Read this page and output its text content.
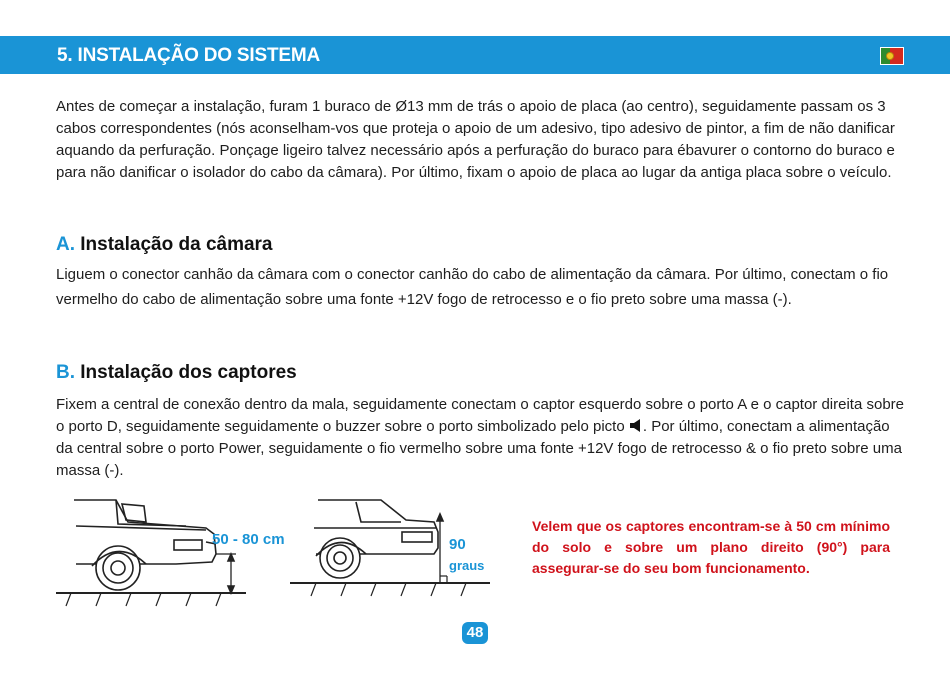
5. INSTALAÇÃO DO SISTEMA

Antes de começar a instalação, furam 1 buraco de Ø13 mm de trás o apoio de placa (ao centro), seguidamente passam os 3 cabos correspondentes (nós aconselham-vos que proteja o apoio de um adesivo, tipo adesivo de pintor, a fim de não danificar aquando da perfuração. Ponçage ligeiro talvez necessário após a perfuração do buraco para ébavurer o contorno do buraco e para não danificar o isolador do cabo da câmara). Por último, fixam o apoio de placa ao lugar da antiga placa sobre o veículo.

A. Instalação da câmara

Liguem o conector canhão da câmara com o conector canhão do cabo de alimentação da câmara. Por último, conectam o fio vermelho do cabo de alimentação sobre uma fonte +12V fogo de retrocesso e o fio preto sobre uma massa (-).

B. Instalação dos captores

Fixem a central de conexão dentro da mala, seguidamente conectam o captor esquerdo sobre o porto A e o captor direita sobre o porto D, seguidamente seguidamente o buzzer sobre o porto simbolizado pelo picto . Por último, conectam a alimentação da central sobre o porto Power, seguidamente o fio vermelho sobre uma fonte +12V fogo de retrocesso & o fio preto sobre uma massa (-).

50 - 80 cm	90
graus

Velem que os captores encontram-se à 50 cm mínimo do solo e sobre um plano direito (90°) para assegurar-se do seu bom funcionamento.

48
